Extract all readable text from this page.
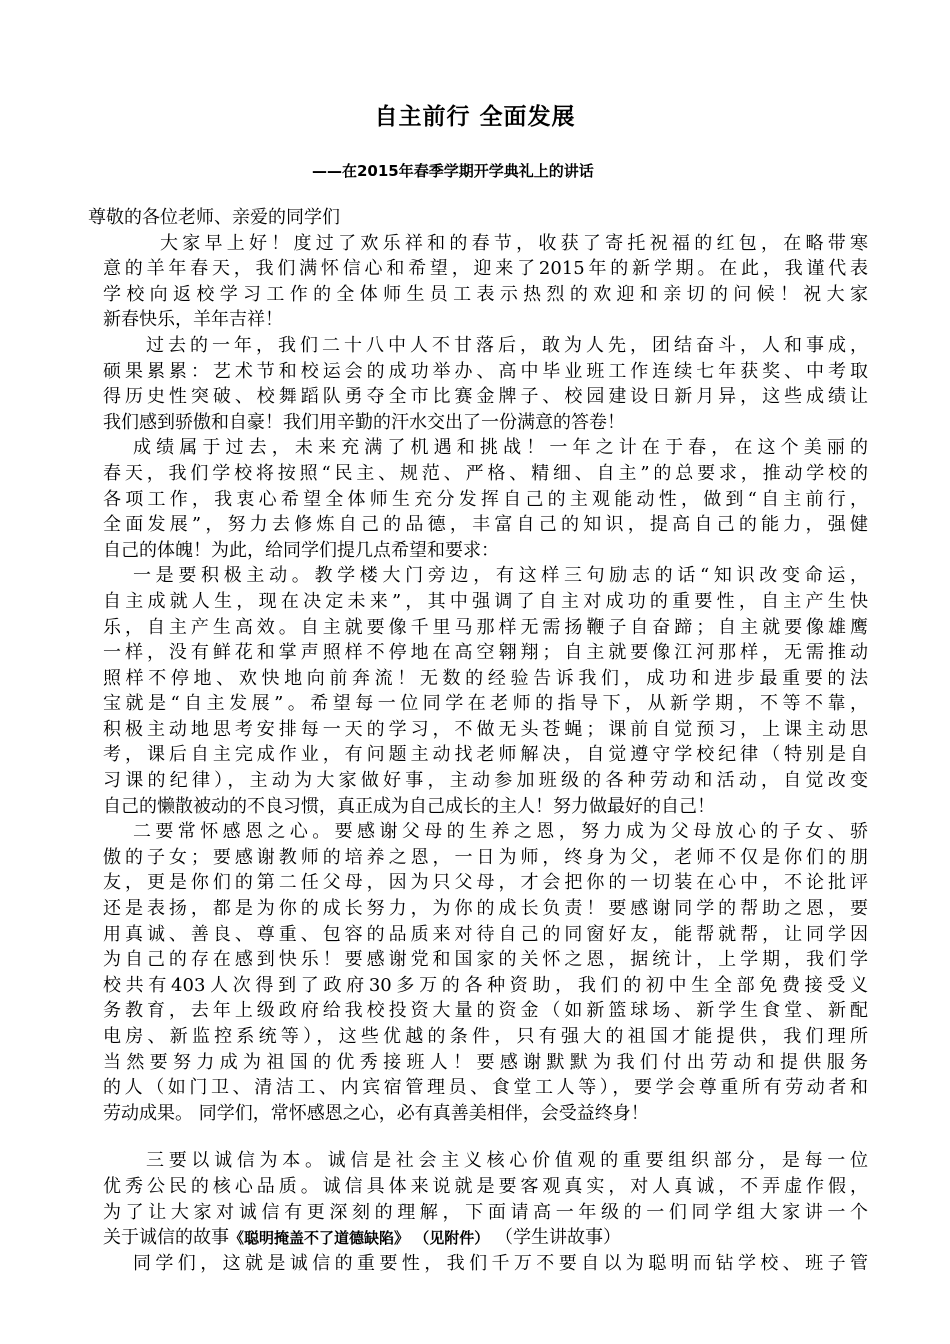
自主前行 全面发展
——在2015年春季学期开学典礼上的讲话
尊敬的各位老师、亲爱的同学们
大家早上好！度过了欢乐祥和的春节，收获了寄托祝福的红包，在略带寒
意的羊年春天，我们满怀信心和希望，迎来了2015年的新学期。在此，我谨代表
学校向返校学习工作的全体师生员工表示热烈的欢迎和亲切的问候！祝大家
新春快乐，羊年吉祥！
过去的一年，我们二十八中人不甘落后，敢为人先，团结奋斗，人和事成，
硕果累累：艺术节和校运会的成功举办、高中毕业班工作连续七年获奖、中考取
得历史性突破、校舞蹈队勇夺全市比赛金牌子、校园建设日新月异，这些成绩让
我们感到骄傲和自豪！我们用辛勤的汗水交出了一份满意的答卷！
成绩属于过去，未来充满了机遇和挑战！一年之计在于春，在这个美丽的
春天，我们学校将按照“民主、规范、严格、精细、自主”的总要求，推动学校的
各项工作，我衷心希望全体师生充分发挥自己的主观能动性，做到“自主前行，
全面发展”，努力去修炼自己的品德，丰富自己的知识，提高自己的能力，强健
自己的体魄！为此，给同学们提几点希望和要求：
一是要积极主动。教学楼大门旁边，有这样三句励志的话“知识改变命运，
自主成就人生，现在决定未来”，其中强调了自主对成功的重要性，自主产生快
乐，自主产生高效。自主就要像千里马那样无需扬鞭子自奋蹄；自主就要像雄鹰
一样，没有鲜花和掌声照样不停地在高空翱翔；自主就要像江河那样，无需推动
照样不停地、欢快地向前奔流！无数的经验告诉我们，成功和进步最重要的法
宝就是“自主发展”。希望每一位同学在老师的指导下，从新学期，不等不靠，
积极主动地思考安排每一天的学习，不做无头苍蝇；课前自觉预习，上课主动思
考，课后自主完成作业，有问题主动找老师解决，自觉遵守学校纪律（特别是自
习课的纪律），主动为大家做好事，主动参加班级的各种劳动和活动，自觉改变
自己的懒散被动的不良习惯，真正成为自己成长的主人！努力做最好的自己！
二要常怀感恩之心。要感谢父母的生养之恩，努力成为父母放心的子女、骄
傲的子女；要感谢教师的培养之恩，一日为师，终身为父，老师不仅是你们的朋
友，更是你们的第二任父母，因为只父母，才会把你的一切装在心中，不论批评
还是表扬，都是为你的成长努力，为你的成长负责！要感谢同学的帮助之恩，要
用真诚、善良、尊重、包容的品质来对待自己的同窗好友，能帮就帮，让同学因
为自己的存在感到快乐！要感谢党和国家的关怀之恩，据统计，上学期，我们学
校共有403人次得到了政府30多万的各种资助，我们的初中生全部免费接受义
务教育，去年上级政府给我校投资大量的资金（如新篮球场、新学生食堂、新配
电房、新监控系统等），这些优越的条件，只有强大的祖国才能提供，我们理所
当然要努力成为祖国的优秀接班人！要感谢默默为我们付出劳动和提供服务
的人（如门卫、清洁工、内宾宿管理员、食堂工人等），要学会尊重所有劳动者和
劳动成果。 同学们，常怀感恩之心，必有真善美相伴，会受益终身！
三要以诚信为本。诚信是社会主义核心价值观的重要组织部分，是每一位
优秀公民的核心品质。诚信具体来说就是要客观真实，对人真诚，不弄虚作假，
为了让大家对诚信有更深刻的理解，下面请高一年级的一们同学组大家讲一个
关于诚信的故事《聪明掩盖不了道德缺陷》 （见附件） （学生讲故事）
同学们，这就是诚信的重要性，我们千万不要自以为聪明而钻学校、班子管
